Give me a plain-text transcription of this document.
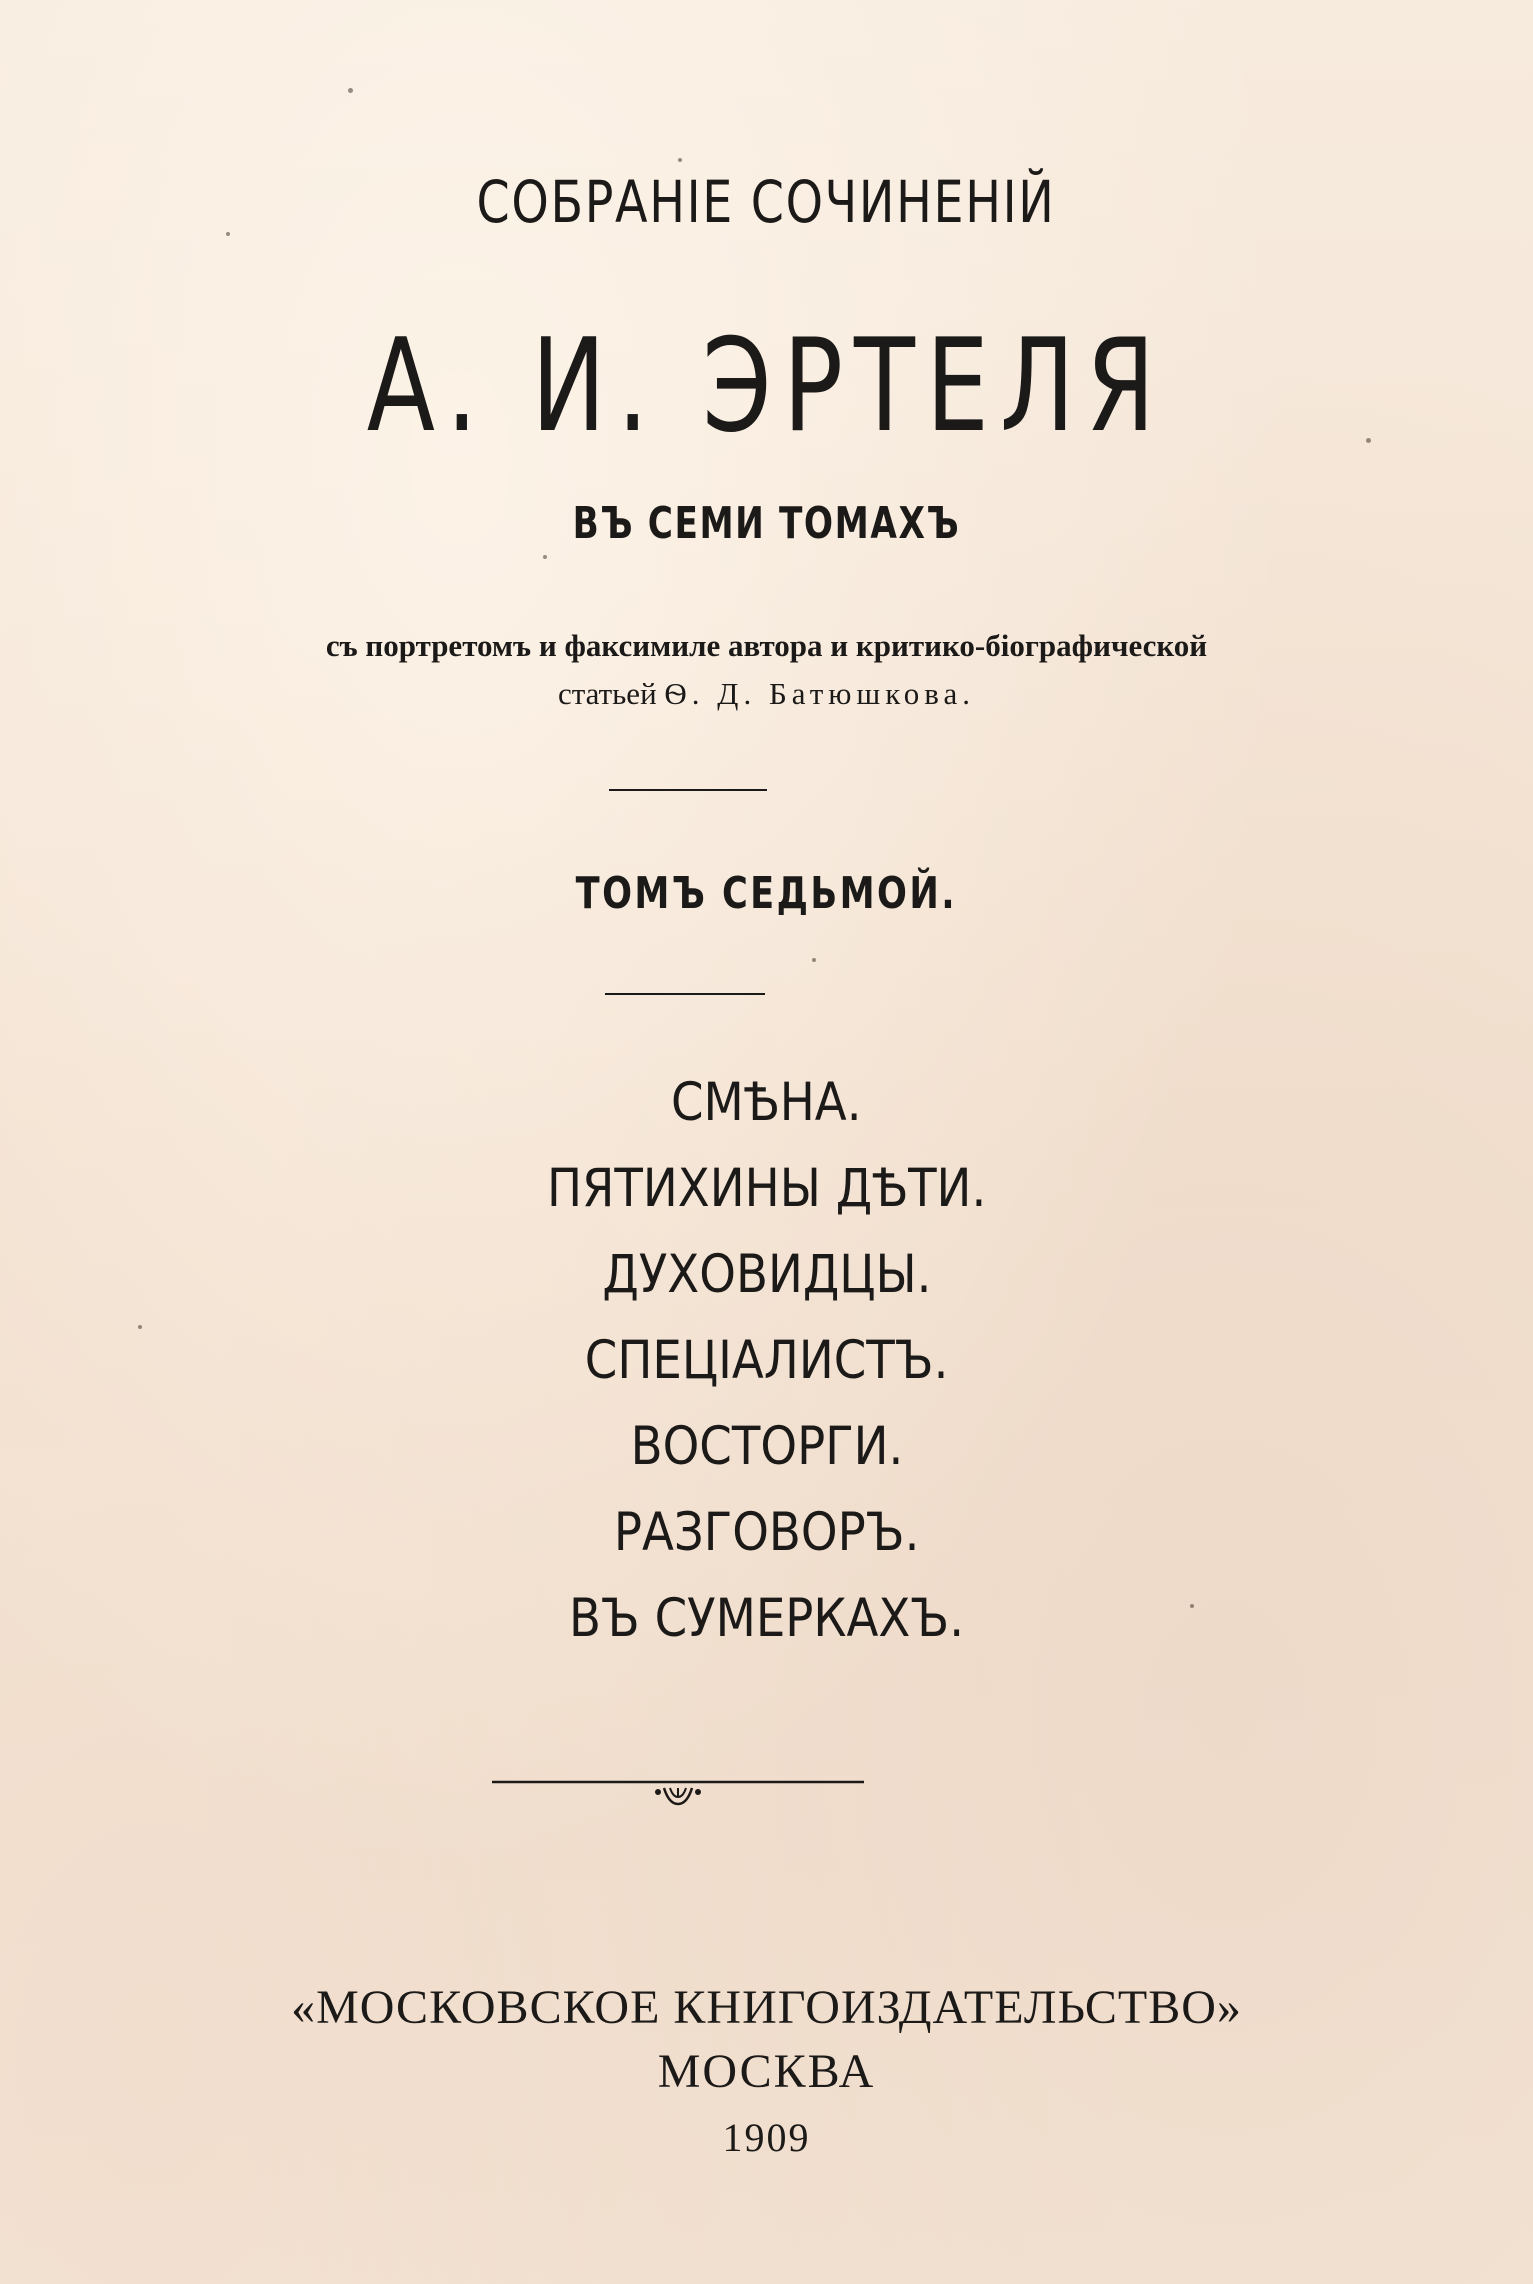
СОБРАНІЕ СОЧИНЕНІЙ

А. И. ЭРТЕЛЯ

ВЪ СЕМИ ТОМАХЪ

съ портретомъ и факсимиле автора и критико-біографической

статьей Ѳ. Д. Батюшкова.

ТОМЪ СЕДЬМОЙ.

СМѢНА.
ПЯТИХИНЫ ДѢТИ.
ДУХОВИДЦЫ.
СПЕЦІАЛИСТЪ.
ВОСТОРГИ.
РАЗГОВОРЪ.
ВЪ СУМЕРКАХЪ.

«МОСКОВСКОЕ КНИГОИЗДАТЕЛЬСТВО»

МОСКВА

1909
